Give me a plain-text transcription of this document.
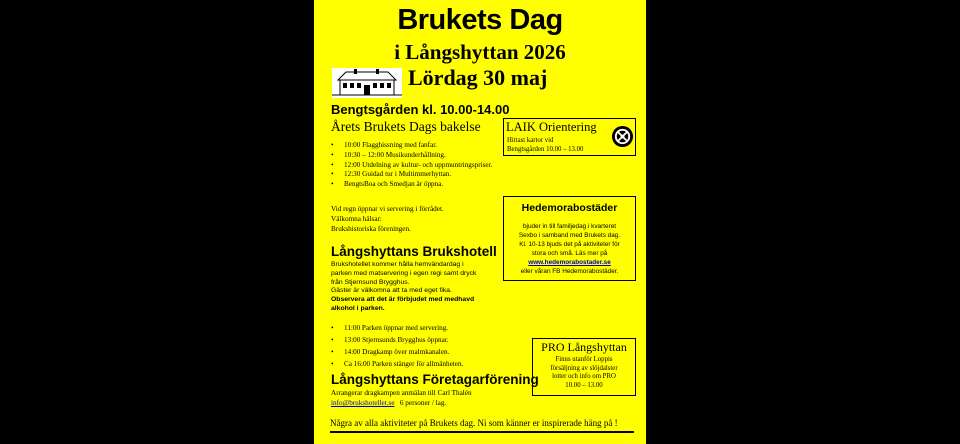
Brukets Dag
i Långshyttan 2026
Lördag 30 maj
Bengtsgården kl. 10.00-14.00
Årets Brukets Dags bakelse
• 10:00 Flagghissning med fanfar.
• 10:30 – 12:00 Musikunderhållning.
• 12:00 Utdelning av kultur- och uppmuntringspriser.
• 12:30 Guidad tur i Multimmerhyttan.
• BengtsBoa och Smedjan är öppna.
Vid regn öppnar vi servering i förrådet.
Välkomna hälsar:
Brukshistoriska föreningen.
LAIK Orientering
Hittast kartor vid
Bengtsgården 10.00 – 13.00
Hedemorabostäder
bjuder in till familjedag i kvarteret
Sexbo i samband med Brukets dag.
Kl. 10-13 bjuds det på aktiviteter för
stora och små. Läs mer på
www.hedemorabostader.se
eller våran FB Hedemorabostäder.
Långshyttans Brukshotell
Brukshotellet kommer hålla hemvändardag i
parken med matservering i egen regi samt dryck
från Stjernsund Brygghus.
Gäster är välkomna att ta med eget fika.
Observera att det är förbjudet med medhavd
alkohol i parken.
• 11:00 Parken öppnar med servering.
• 13:00 Stjernsunds Brygghus öppnar.
• 14:00 Dragkamp över malmkanalen.
• Ca 16:00 Parken stänger för allmänheten.
PRO Långshyttan
Finns utanför Loppis
försäljning av slöjdalster
lotter och info om PRO
10.00 – 13.00
Långshyttans Företagarförening
Arrangerar dragkampen anmälan till Carl Thalén
info@brukshotellet.se 6 personer / lag.
Några av alla aktiviteter på Brukets dag. Ni som känner er inspirerade häng på !
